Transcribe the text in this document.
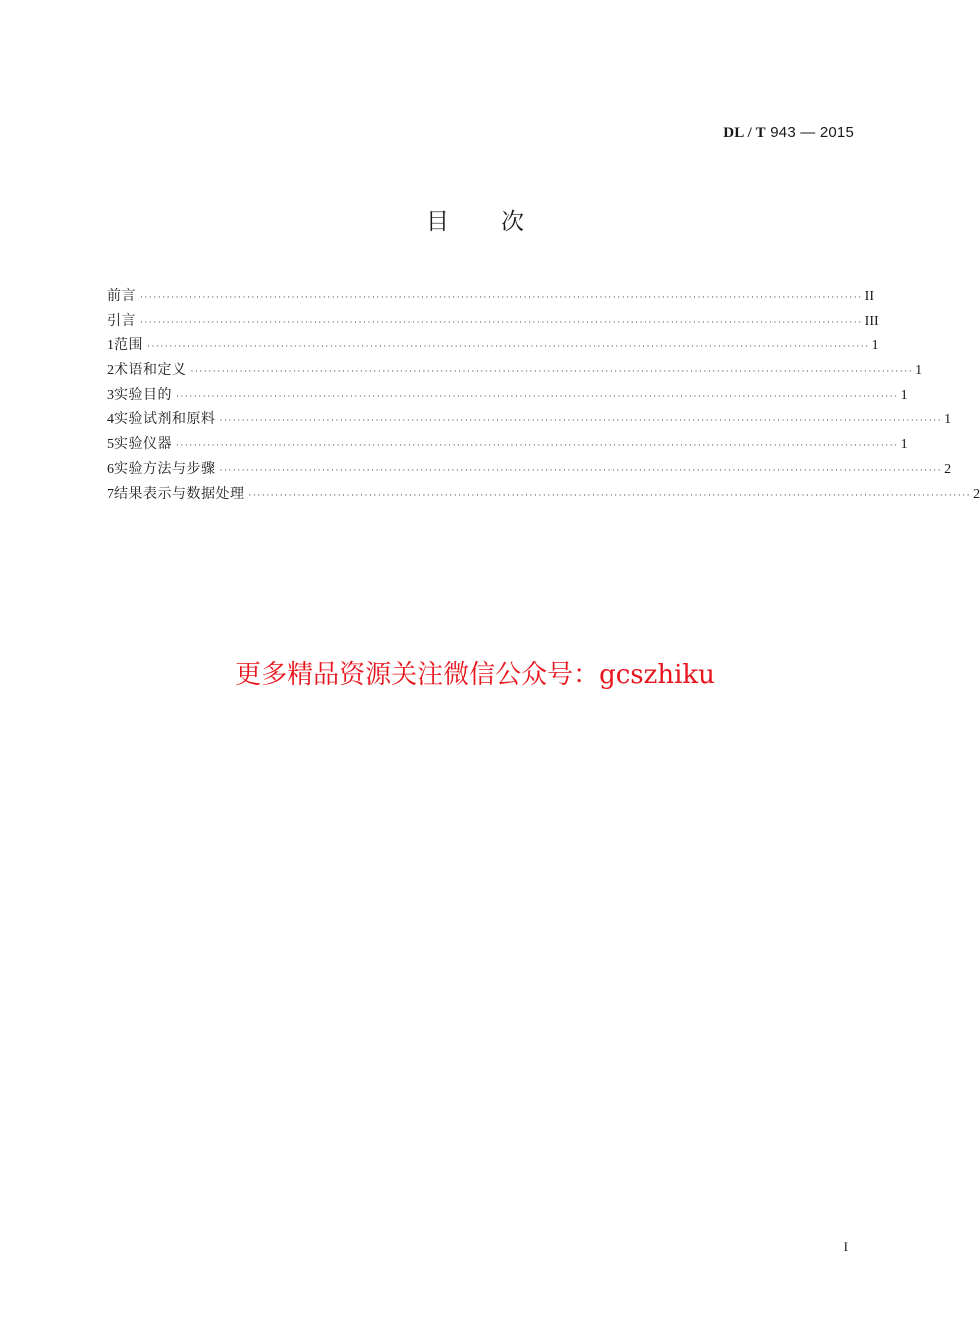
DL / T 943 — 2015
目次
前言 ·································································································································································· II
引言 ·································································································································································· III
1 范围 ·································································································································································· 1
2 术语和定义 ·································································································································································· 1
3 实验目的 ·································································································································································· 1
4 实验试剂和原料 ·································································································································································· 1
5 实验仪器 ·································································································································································· 1
6 实验方法与步骤 ·································································································································································· 2
7 结果表示与数据处理 ·································································································································································· 2
更多精品资源关注微信公众号：gcszhiku
I
